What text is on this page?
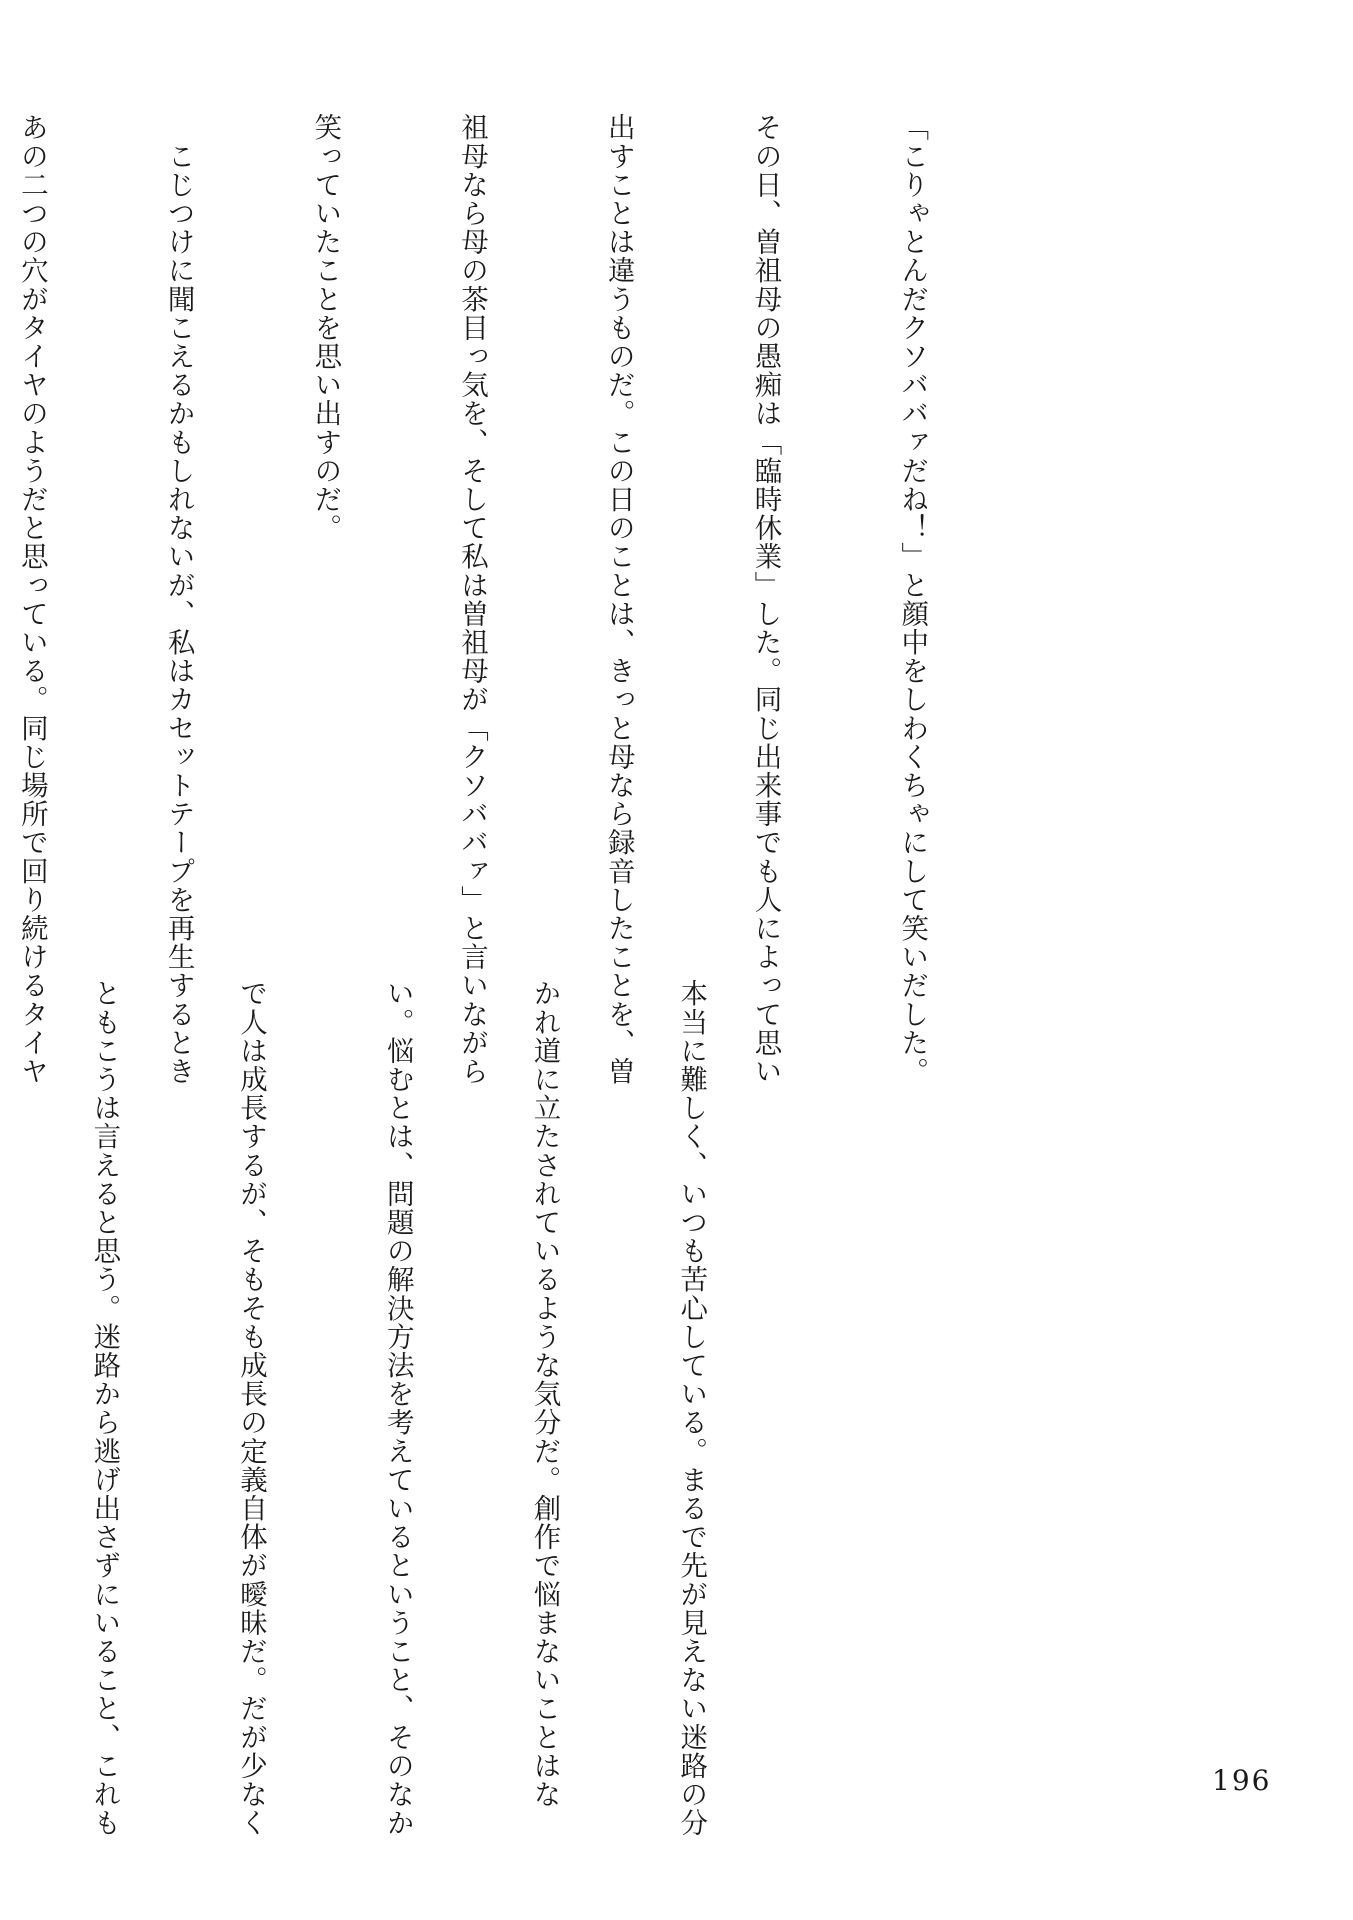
「こりゃとんだクソババァだね！」と顔中をしわくちゃにして笑いだした。

その日、曽祖母の愚痴は「臨時休業」した。同じ出来事でも人によって思い

出すことは違うものだ。この日のことは、きっと母なら録音したことを、曽

祖母なら母の茶目っ気を、そして私は曽祖母が「クソババァ」と言いながら

笑っていたことを思い出すのだ。

　こじつけに聞こえるかもしれないが、私はカセットテープを再生するとき

あの二つの穴がタイヤのようだと思っている。同じ場所で回り続けるタイヤ

本当に難しく、いつも苦心している。まるで先が見えない迷路の分

かれ道に立たされているような気分だ。創作で悩まないことはな

い。悩むとは、問題の解決方法を考えているということ、そのなか

で人は成長するが、そもそも成長の定義自体が曖昧だ。だが少なく

ともこうは言えると思う。迷路から逃げ出さずにいること、これも

	196
